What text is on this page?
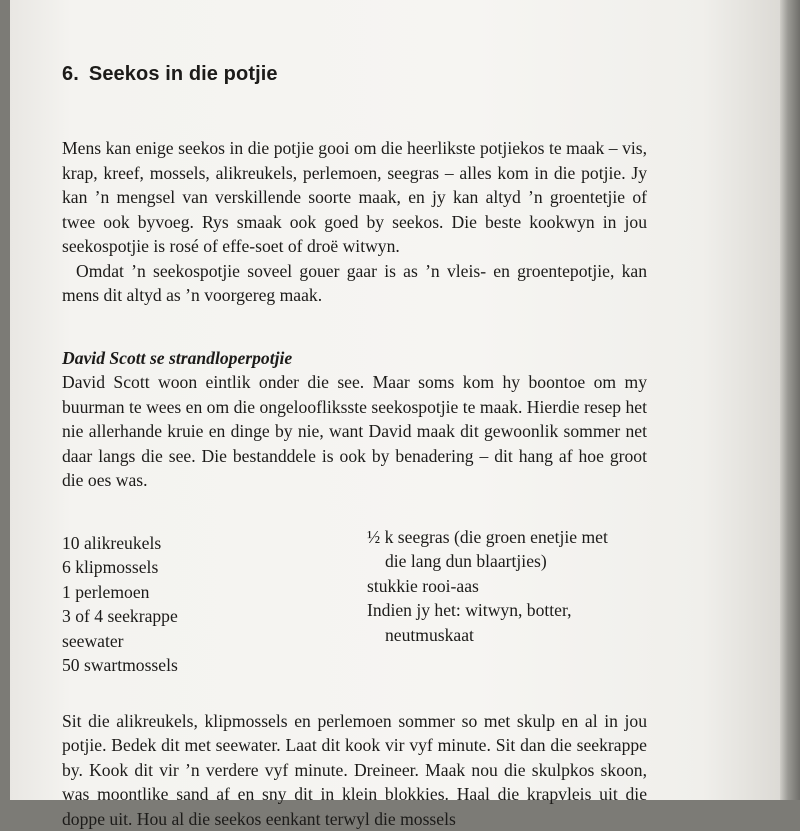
6. Seekos in die potjie

Mens kan enige seekos in die potjie gooi om die heerlikste potjiekos te maak – vis, krap, kreef, mossels, alikreukels, perlemoen, seegras – alles kom in die potjie. Jy kan ’n mengsel van verskillende soorte maak, en jy kan altyd ’n groentetjie of twee ook byvoeg. Rys smaak ook goed by seekos. Die beste kookwyn in jou seekospotjie is rosé of effe-soet of droë witwyn.

Omdat ’n seekospotjie soveel gouer gaar is as ’n vleis- en groentepotjie, kan mens dit altyd as ’n voorgereg maak.

David Scott se strandloperpotjie

David Scott woon eintlik onder die see. Maar soms kom hy boontoe om my buurman te wees en om die ongeloofliksste seekospotjie te maak. Hierdie resep het nie allerhande kruie en dinge by nie, want David maak dit gewoonlik sommer net daar langs die see. Die bestanddele is ook by benadering – dit hang af hoe groot die oes was.

10 alikreukels
6 klipmossels
1 perlemoen
3 of 4 seekrappe
seewater
50 swartmossels
½ k seegras (die groen enetjie met
die lang dun blaartjies)
stukkie rooi-aas
Indien jy het: witwyn, botter,
neutmuskaat

Sit die alikreukels, klipmossels en perlemoen sommer so met skulp en al in jou potjie. Bedek dit met seewater. Laat dit kook vir vyf minute. Sit dan die seekrappe by. Kook dit vir ’n verdere vyf minute. Dreineer. Maak nou die skulpkos skoon, was moontlike sand af en sny dit in klein blokkies. Haal die krapvleis uit die doppe uit. Hou al die seekos eenkant terwyl die mossels
